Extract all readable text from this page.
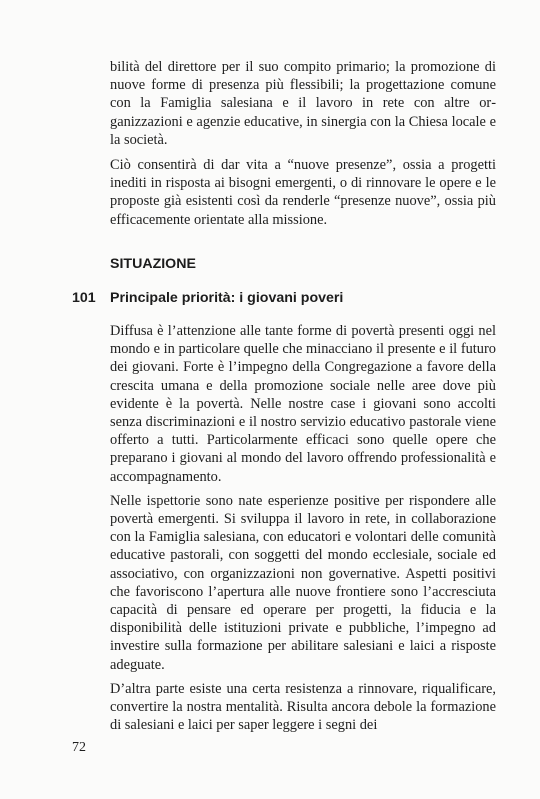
bilità del direttore per il suo compito primario; la promozione di nuove forme di presenza più flessibili; la progettazione comune con la Famiglia salesiana e il lavoro in rete con altre organizzazioni e agenzie educative, in sinergia con la Chiesa locale e la società.

Ciò consentirà di dar vita a “nuove presenze”, ossia a progetti inediti in risposta ai bisogni emergenti, o di rinnovare le opere e le proposte già esistenti così da renderle “presenze nuove”, ossia più efficacemente orientate alla missione.

SITUAZIONE
101 Principale priorità: i giovani poveri

Diffusa è l’attenzione alle tante forme di povertà presenti oggi nel mondo e in particolare quelle che minacciano il presente e il futuro dei giovani. Forte è l’impegno della Congregazione a favore della crescita umana e della promozione sociale nelle aree dove più evidente è la povertà. Nelle nostre case i giovani sono accolti senza discriminazioni e il nostro servizio educativo pastorale viene offerto a tutti. Particolarmente efficaci sono quelle opere che preparano i giovani al mondo del lavoro offrendo professionalità e accompagnamento.

Nelle ispettorie sono nate esperienze positive per rispondere alle povertà emergenti. Si sviluppa il lavoro in rete, in collaborazione con la Famiglia salesiana, con educatori e volontari delle comunità educative pastorali, con soggetti del mondo ecclesiale, sociale ed associativo, con organizzazioni non governative. Aspetti positivi che favoriscono l’apertura alle nuove frontiere sono l’accresciuta capacità di pensare ed operare per progetti, la fiducia e la disponibilità delle istituzioni private e pubbliche, l’impegno ad investire sulla formazione per abilitare salesiani e laici a risposte adeguate.

D’altra parte esiste una certa resistenza a rinnovare, riqualificare, convertire la nostra mentalità. Risulta ancora debole la formazione di salesiani e laici per saper leggere i segni dei

72
